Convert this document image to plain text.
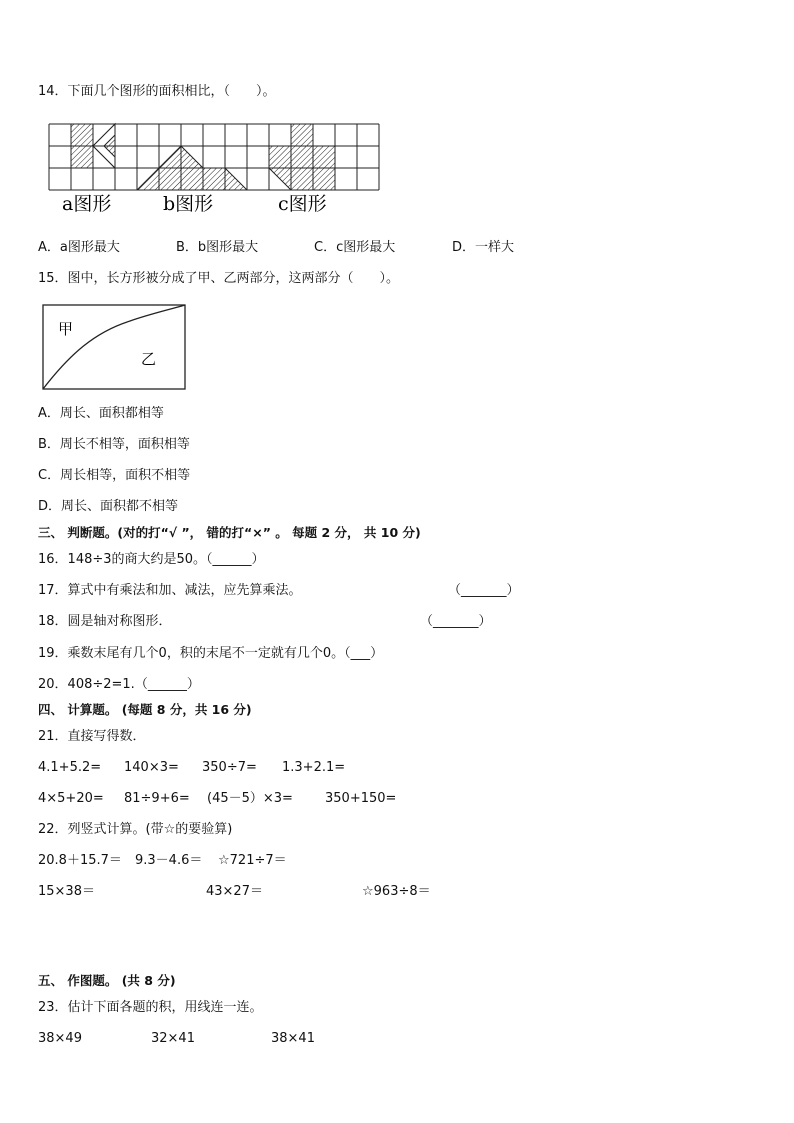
14．下面几个图形的面积相比，（　　）。
a图形	b图形	c图形
A．a图形最大	B．b图形最大	C．c图形最大	D．一样大
15．图中，长方形被分成了甲、乙两部分，这两部分（　　）。
甲
乙
A．周长、面积都相等
B．周长不相等，面积相等
C．周长相等，面积不相等
D．周长、面积都不相等
三、 判断题。(对的打“√ ”， 错的打“×” 。 每题 2 分， 共 10 分)
16．148÷3的商大约是50。（______）
17．算式中有乘法和加、减法，应先算乘法。	（_______）
18．圆是轴对称图形．	（_______）
19．乘数末尾有几个0，积的末尾不一定就有几个0。（___）
20．408÷2=1.（______）
四、 计算题。 (每题 8 分，共 16 分)
21．直接写得数．
4.1+5.2= 140×3= 350÷7= 1.3+2.1=
4×5+20= 81÷9+6= (45－5）×3= 350+150=
22．列竖式计算。(带☆的要验算)
20.8＋15.7＝ 9.3－4.6＝ ☆721÷7＝
15×38＝	43×27＝	☆963÷8＝
五、 作图题。 (共 8 分)
23．估计下面各题的积，用线连一连。
38×49	32×41	38×41
